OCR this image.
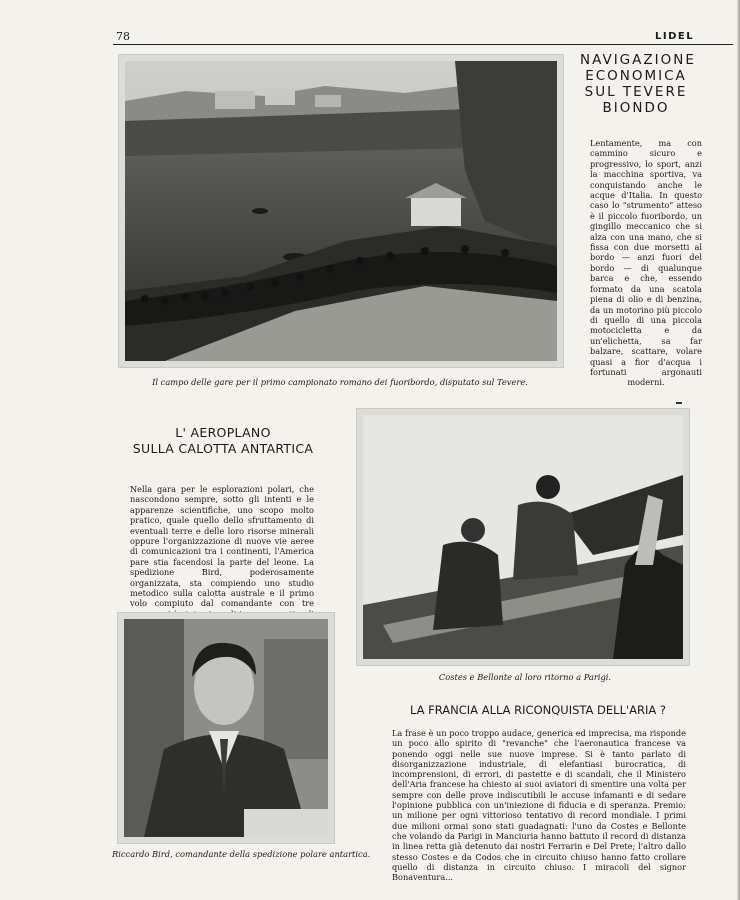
78	LIDEL
NAVIGAZIONE
ECONOMICA
SUL TEVERE
BIONDO
Lentamente, ma con cammino sicuro e progressivo, lo sport, anzi la macchina sportiva, va conquistando anche le acque d'Italia. In questo caso lo "strumento" atteso è il piccolo fuoribordo, un gingillo meccanico che si alza con una mano, che si fissa con due morsetti al bordo — anzi fuori del bordo — di qualunque barca e che, essendo formato da una scatola piena di olio e di benzina, da un motorino più piccolo di quello di una piccola motocicletta e da un'elichetta, sa far balzare, scattare, volare quasi a fior d'acqua i fortunati argonauti moderni.
Il campo delle gare per il primo campionato romano dei fuoribordo, disputato sul Tevere.
L' AEROPLANO
SULLA CALOTTA ANTARTICA
Nella gara per le esplorazioni polari, che nascondono sempre, sotto gli intenti e le apparenze scientifiche, uno scopo molto pratico, quale quello dello sfruttamento di eventuali terre e delle loro risorse minerali oppure l'organizzazione di nuove vie aeree di comunicazioni tra i continenti, l'America pare stia facendosi la parte del leone. La spedizione Bird, poderosamente organizzata, sta compiendo uno studio metodico sulla calotta australe e il primo volo compiuto dal comandante con tre
Costes e Bellonte al loro ritorno a Parigi.
Riccardo Bird, comandante della spedizione polare antartica.
LA FRANCIA ALLA RICONQUISTA DELL'ARIA ?
La frase è un poco troppo audace, generica ed imprecisa, ma risponde un poco allo spirito di "revanche" che l'aeronautica francese va ponendo oggi nelle sue nuove imprese. Si è tanto parlato di disorganizzazione industriale, di elefantiasi burocratica, di incomprensioni, di errori, di pastette e di scandali, che il Ministero dell'Aria francese ha chiesto ai suoi aviatori di smentire una volta per sempre con delle prove indiscutibili le accuse infamanti e di sedare l'opinione pubblica con un'iniezione di fiducia e di speranza. Premio: un milione per ogni vittorioso tentativo di record mondiale. I primi due milioni ormai sono stati guadagnati: l'uno da Costes e Bellonte che volando da Parigi in Manciuria hanno battuto il record di distanza in linea retta già detenuto dai nostri Ferrarin e Del Prete; l'altro dallo stesso Costes e da Codos che in circuito chiuso hanno fatto crollare quello di distanza in circuito chiuso. I miracoli del signor Bonaventura...
